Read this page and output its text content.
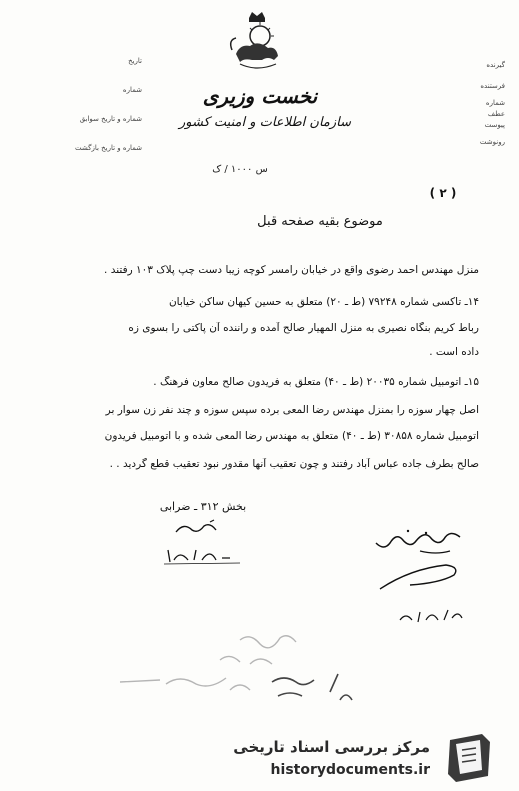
تاریخ
شماره
شماره و تاریخ سوابق
شماره و تاریخ بازگشت
گیرنده
فرستنده
شماره
عطف
پیوست
رونوشت
نخست وزیری
سازمان اطلاعات و امنیت کشور
س ۱۰۰۰ / ک
( ۲ )
موضوع بقیه صفحه قبل
منزل مهندس احمد رضوی واقع در خیابان رامسر کوچه زیبا دست چپ پلاک ۱۰۳ رفتند .
۱۴ـ تاکسی شماره ۷۹۲۴۸ (ط ـ ۲۰) متعلق به حسین کیهان ساکن خیابان
رباط کریم بنگاه نصیری به منزل المهیار صالح آمده و راننده آن پاکتی را بسوی زه
داده است .
۱۵ـ اتومبیل شماره ۲۰۰۳۵ (ط ـ ۴۰) متعلق به فریدون صالح معاون فرهنگ .
اصل چهار سوزه را بمنزل مهندس رضا المعی برده سپس سوزه و چند نفر زن سوار بر
اتومبیل شماره ۳۰۸۵۸ (ط ـ ۴۰) متعلق به مهندس رضا المعی شده و با اتومبیل فریدون
صالح بطرف جاده عباس آباد رفتند و چون تعقیب آنها مقدور نبود تعقیب قطع گردید . .
بخش ۳۱۲ ـ ضرابی
مرکز بررسی اسناد تاریخی
historydocuments.ir
